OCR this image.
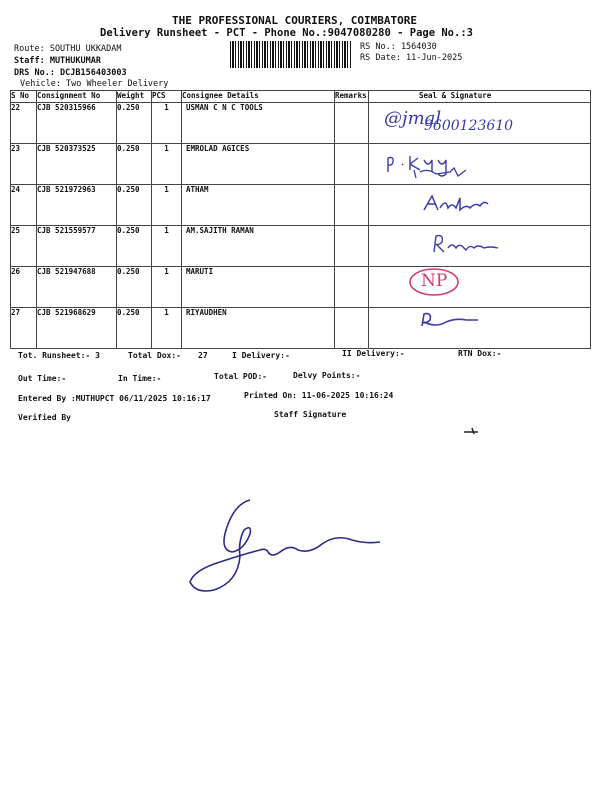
THE PROFESSIONAL COURIERS, COIMBATORE
Delivery Runsheet - PCT - Phone No.:9047080280 - Page No.:3
Route: SOUTHU UKKADAM
Staff: MUTHUKUMAR
DRS No.: DCJB156403003
Vehicle: Two Wheeler Delivery
RS No.: 1564030
RS Date: 11-Jun-2025
S No	Consignment No	Weight	PCS	Consignee Details	Remarks	Seal & Signature
22	CJB 520315966	0.250	1	USMAN C N C TOOLS		
23	CJB 520373525	0.250	1	EMROLAD AGICES		
24	CJB 521972963	0.250	1	ATHAM		
25	CJB 521559577	0.250	1	AM.SAJITH RAMAN		
26	CJB 521947688	0.250	1	MARUTI		
27	CJB 521968629	0.250	1	RIYAUDHEN		
@jmal
9600123610
NP
Tot. Runsheet:- 3	Total Dox:- 27	I Delivery:-	II Delivery:-	RTN Dox:-
Out Time:-	In Time:-	Total POD:-	Delvy Points:-
Entered By :MUTHUPCT 06/11/2025 10:16:17	Printed On: 11-06-2025 10:16:24
Verified By	Staff Signature
